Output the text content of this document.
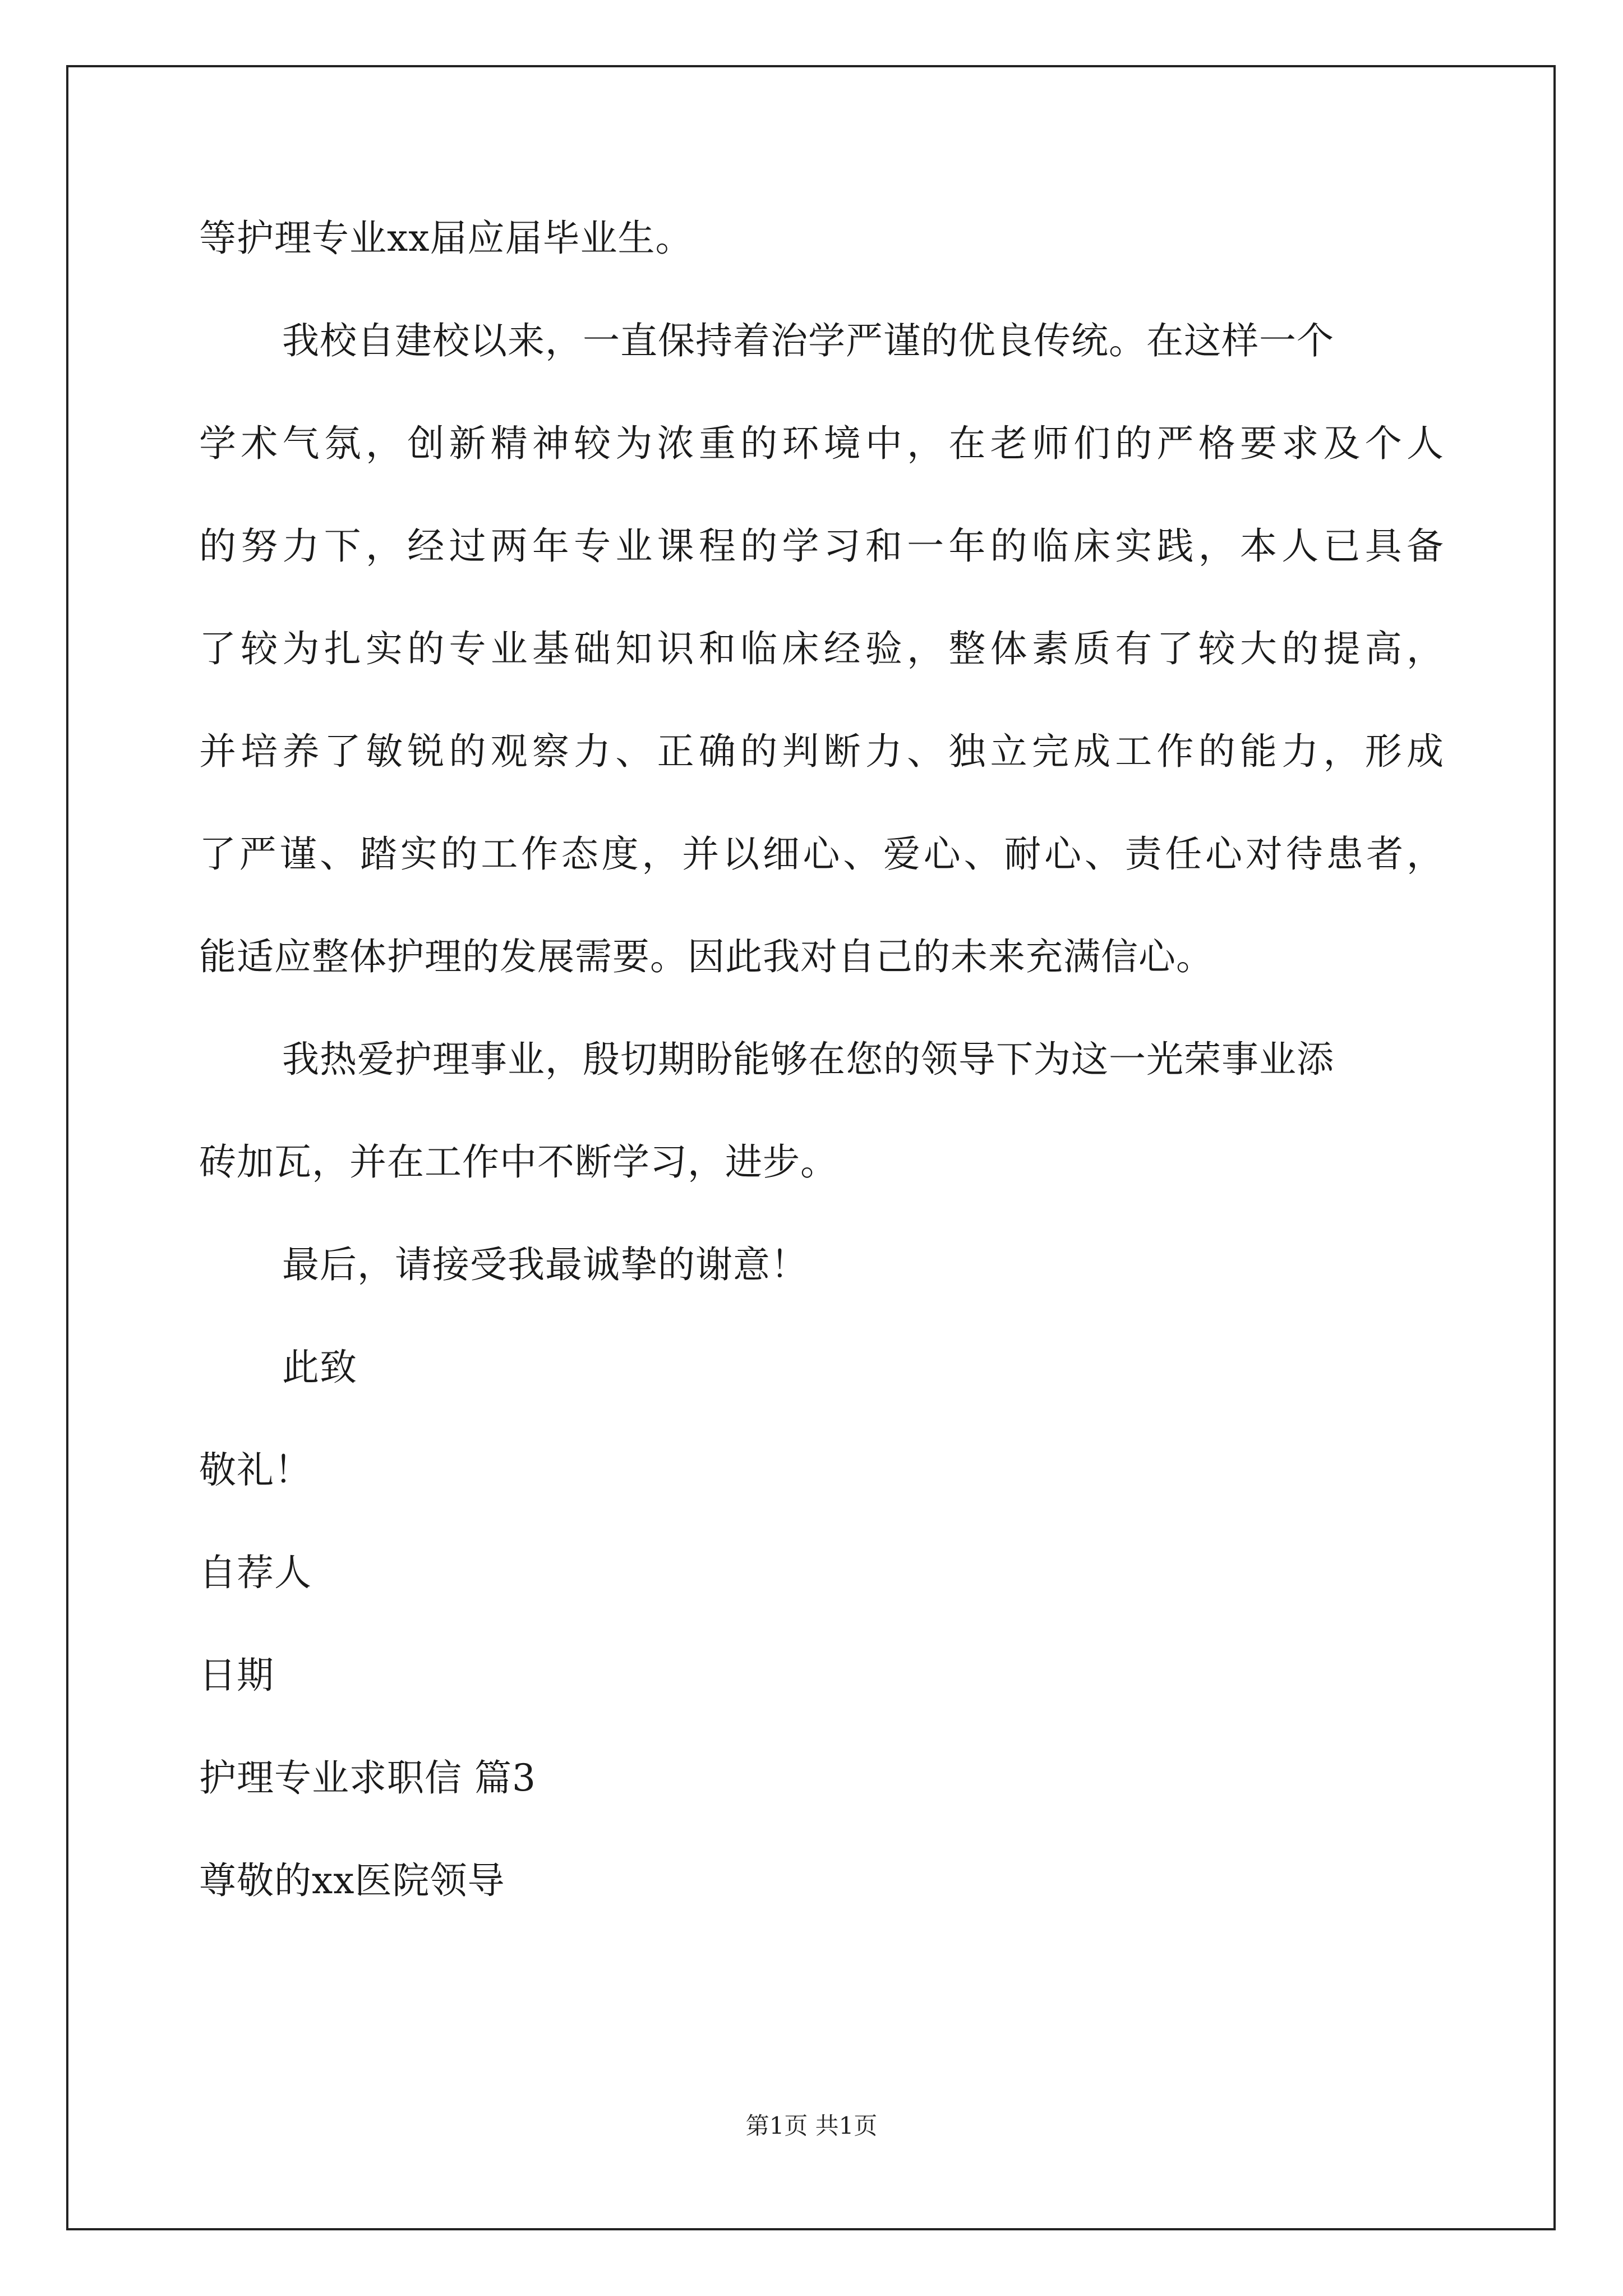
等护理专业xx届应届毕业生。
我校自建校以来，一直保持着治学严谨的优良传统。在这样一个
学术气氛，创新精神较为浓重的环境中，在老师们的严格要求及个人
的努力下，经过两年专业课程的学习和一年的临床实践，本人已具备
了较为扎实的专业基础知识和临床经验，整体素质有了较大的提高，
并培养了敏锐的观察力、正确的判断力、独立完成工作的能力，形成
了严谨、踏实的工作态度，并以细心、爱心、耐心、责任心对待患者，
能适应整体护理的发展需要。因此我对自己的未来充满信心。
我热爱护理事业，殷切期盼能够在您的领导下为这一光荣事业添
砖加瓦，并在工作中不断学习，进步。
最后，请接受我最诚挚的谢意！
此致
敬礼！
自荐人
日期
护理专业求职信 篇3
尊敬的xx医院领导
第1页 共1页
